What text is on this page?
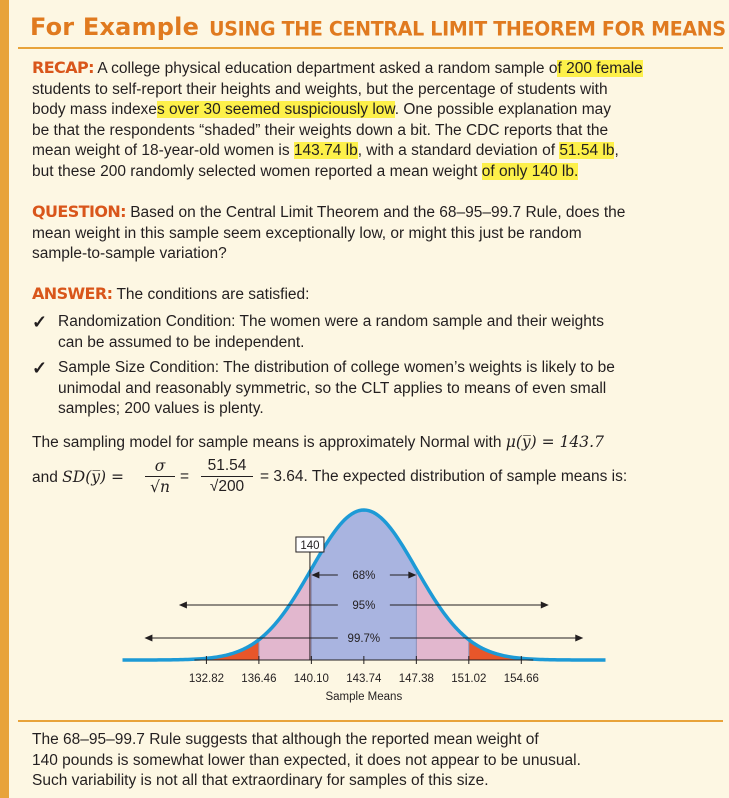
For Example USING THE CENTRAL LIMIT THEOREM FOR MEANS
RECAP: A college physical education department asked a random sample of 200 female
students to self-report their heights and weights, but the percentage of students with
body mass indexes over 30 seemed suspiciously low. One possible explanation may
be that the respondents “shaded” their weights down a bit. The CDC reports that the
mean weight of 18-year-old women is 143.74 lb, with a standard deviation of 51.54 lb,
but these 200 randomly selected women reported a mean weight of only 140 lb.
QUESTION: Based on the Central Limit Theorem and the 68–95–99.7 Rule, does the
mean weight in this sample seem exceptionally low, or might this just be random
sample-to-sample variation?
ANSWER: The conditions are satisfied:
✓ Randomization Condition: The women were a random sample and their weights
can be assumed to be independent.
✓ Sample Size Condition: The distribution of college women’s weights is likely to be
unimodal and reasonably symmetric, so the CLT applies to means of even small
samples; 200 values is plenty.
The sampling model for sample means is approximately Normal with μ(y̅) = 143.7
and SD(y̅) =	$\frac{\sigma}{√n} = \frac{51.54}{√200} = 3.64$. The expected distribution of sample means is:
132.82 136.46 140.10 143.74 147.38 151.02 154.66
Sample Means
68%
95%
99.7%
140
The 68–95–99.7 Rule suggests that although the reported mean weight of
140 pounds is somewhat lower than expected, it does not appear to be unusual.
Such variability is not all that extraordinary for samples of this size.
